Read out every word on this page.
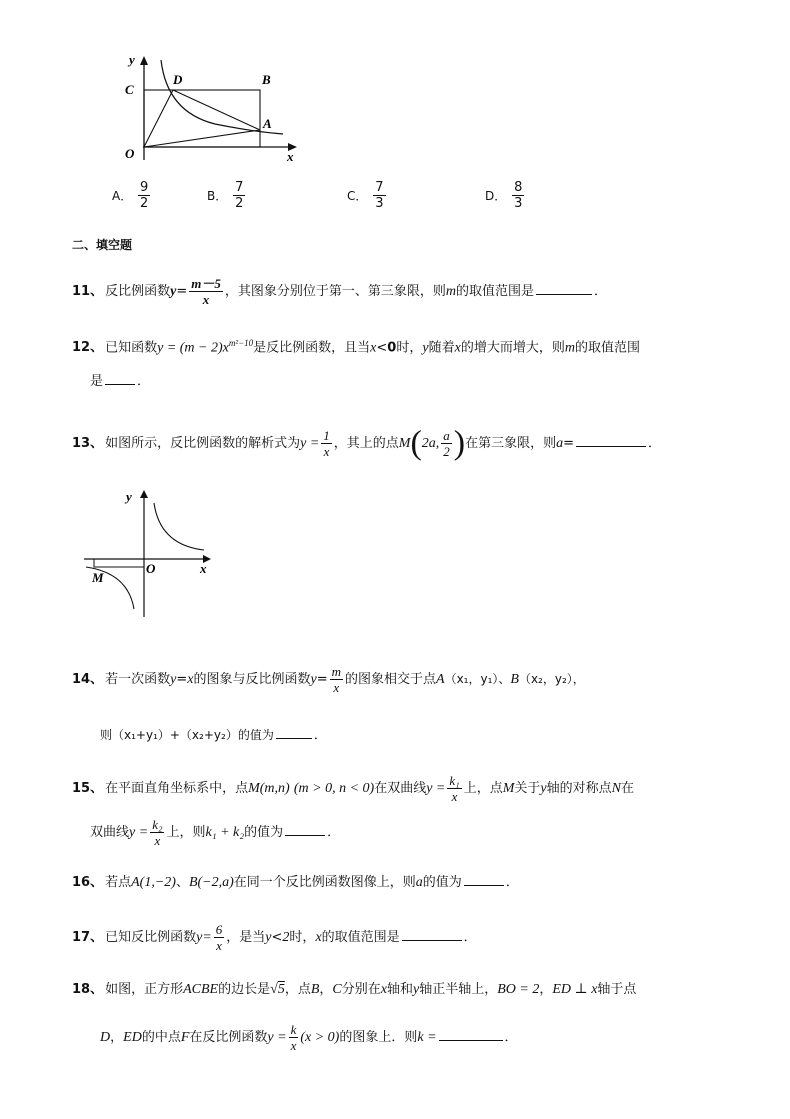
y
C
O
D	B
A
x
A． $\frac{9}{2}$	B． $\frac{7}{2}$	C． $\frac{7}{3}$	D． $\frac{8}{3}$
二、填空题
11、 反比例函数$y= \frac{m-5}{x}$ ，其图象分别位于第一、第三象限，则m的取值范围是	．
12、 已知函数$y = (m - 2)x^{m^2-10}$是反比例函数，且当x<0时，y随着x的增大而增大，则m的取值范围
是	．
13、 如图所示，反比例函数的解析式为$y = \frac{1}{x}$ ，其上的点M(2a, $\frac{a}{2}$ )在第三象限，则a=	．
y
O	x
M
14、 若一次函数y=x的图象与反比例函数$y= \frac{m}{x}$ 的图象相交于点A（x₁，y₁）、B（x₂，y₂），
则（x₁+y₁）+（x₂+y₂）的值为	．
15、 在平面直角坐标系中，点M(m,n) (m > 0, n < 0)在双曲线$y = \frac{\text{k₁}}{x}$ 上，点M关于y轴的对称点N在
双曲线$y = \frac{\text{k₂}}{x}$ 上，则k₁ + k₂的值为	．
16、 若点A(1,−2)、B(−2,a)在同一个反比例函数图像上，则a的值为	．
17、 已知反比例函数$y= \frac{6}{x}$ ，是当y<2时，x的取值范围是	．
18、 如图，正方形ACBE的边长是√5，点B，C分别在x轴和y轴正半轴上，BO = 2，ED ⊥ x轴于点
D，ED的中点F在反比例函数$y = \frac{k}{x} (x > 0)$的图象上．则k =	．
